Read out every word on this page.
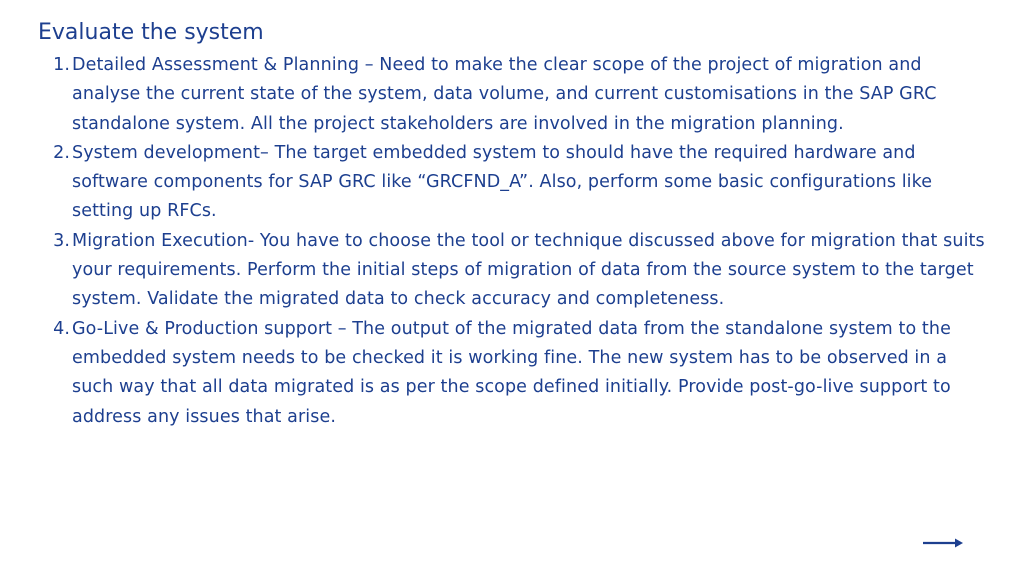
Evaluate the system
1. Detailed Assessment & Planning – Need to make the clear scope of the project of migration and analyse the current state of the system, data volume, and current customisations in the SAP GRC standalone system. All the project stakeholders are involved in the migration planning.
2. System development– The target embedded system to should have the required hardware and software components for SAP GRC like “GRCFND_A”. Also, perform some basic configurations like setting up RFCs.
3. Migration Execution- You have to choose the tool or technique discussed above for migration that suits your requirements. Perform the initial steps of migration of data from the source system to the target system. Validate the migrated data to check accuracy and completeness.
4. Go-Live & Production support – The output of the migrated data from the standalone system to the embedded system needs to be checked it is working fine. The new system has to be observed in a such way that all data migrated is as per the scope defined initially. Provide post-go-live support to address any issues that arise.
